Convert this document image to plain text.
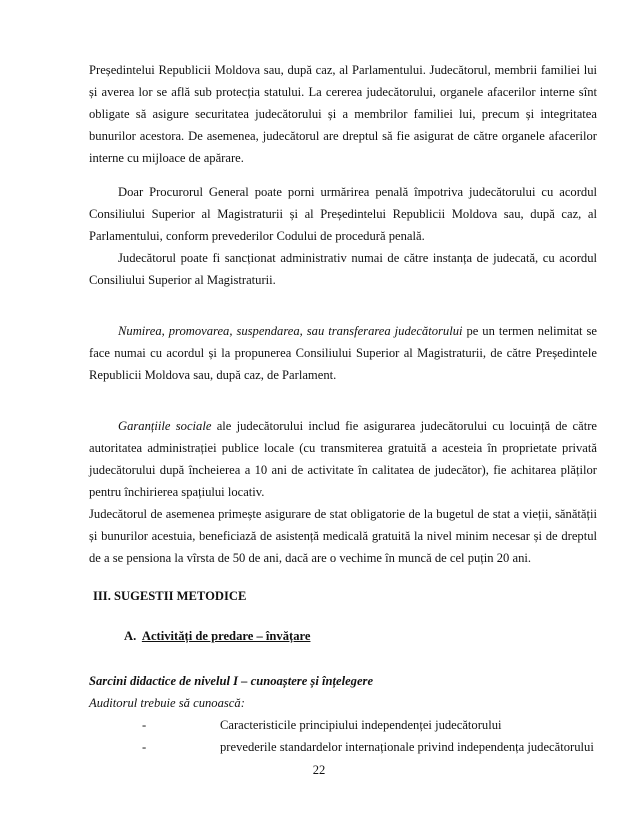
Președintelui Republicii Moldova sau, după caz, al Parlamentului. Judecătorul, membrii familiei lui
și averea lor se află sub protecția statului. La cererea judecătorului, organele afacerilor interne sînt
obligate să asigure securitatea judecătorului și a membrilor familiei lui, precum și integritatea
bunurilor acestora. De asemenea, judecătorul are dreptul să fie asigurat de către organele afacerilor
interne cu mijloace de apărare.
Doar Procurorul General poate porni urmărirea penală împotriva judecătorului cu acordul
Consiliului Superior al Magistraturii și al Președintelui Republicii Moldova sau, după caz, al
Parlamentului, conform prevederilor Codului de procedură penală.
Judecătorul poate fi sancționat administrativ numai de către instanța de judecată, cu acordul
Consiliului Superior al Magistraturii.
Numirea, promovarea, suspendarea, sau transferarea judecătorului pe un termen nelimitat se
face numai cu acordul și la propunerea Consiliului Superior al Magistraturii, de către Președintele
Republicii Moldova sau, după caz, de Parlament.
Garanțiile sociale ale judecătorului includ fie asigurarea judecătorului cu locuință de către
autoritatea administrației publice locale (cu transmiterea gratuită a acesteia în proprietate privată
judecătorului după încheierea a 10 ani de activitate în calitatea de judecător), fie achitarea plăților
pentru închirierea spațiului locativ.
Judecătorul de asemenea primește asigurare de stat obligatorie de la bugetul de stat a vieții, sănătății
și bunurilor acestuia, beneficiază de asistență medicală gratuită la nivel minim necesar și de dreptul
de a se pensiona la vîrsta de 50 de ani, dacă are o vechime în muncă de cel puțin 20 ani.
III. SUGESTII METODICE
A. Activități de predare – învățare
Sarcini didactice de nivelul I – cunoaștere și înțelegere
Auditorul trebuie să cunoască:
-	Caracteristicile principiului independenței judecătorului
-	prevederile standardelor internaționale privind independența judecătorului
22
